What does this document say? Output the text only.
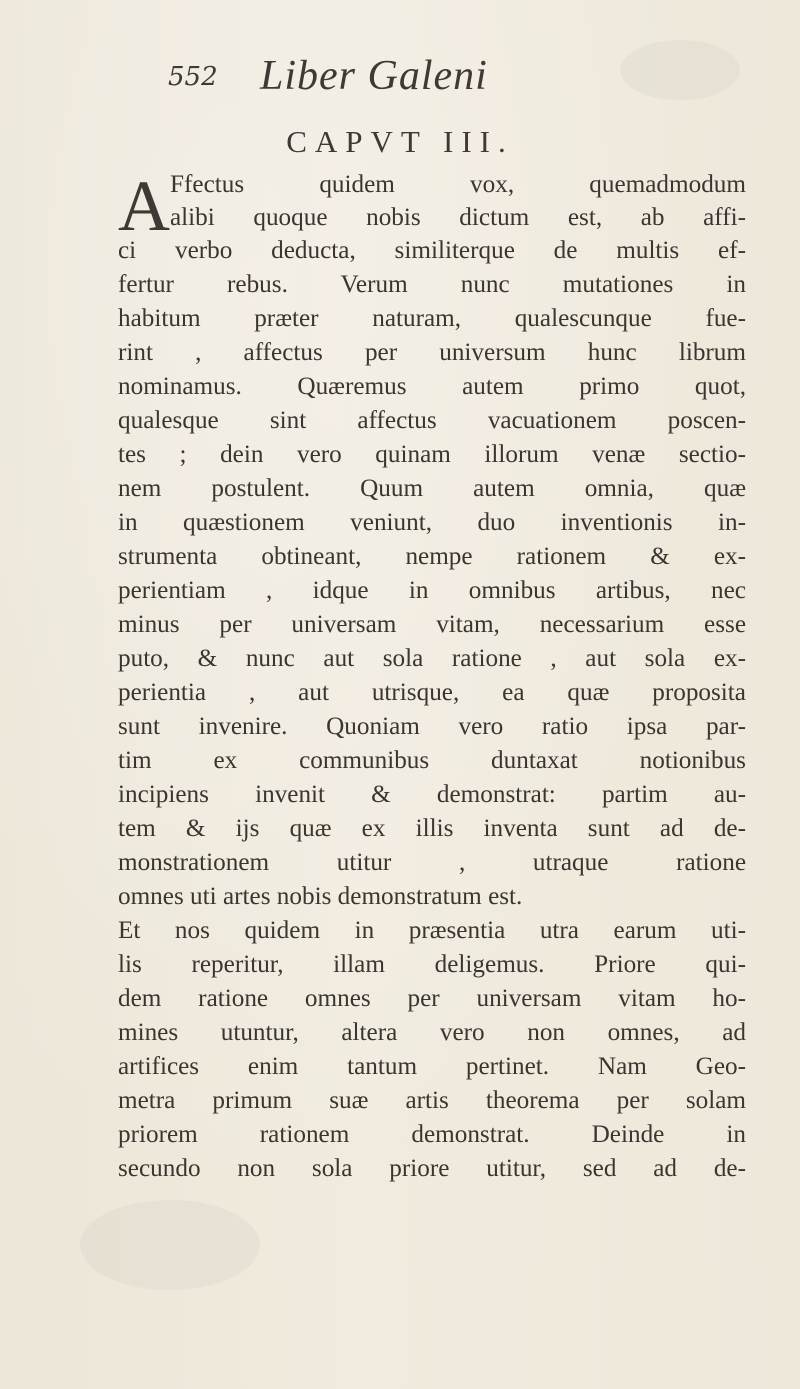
552 Liber Galeni
CAPVT III.
A Ffectus quidem vox, quemadmodum
alibi quoque nobis dictum est, ab affi-
ci verbo deducta, similiterque de multis ef-
fertur rebus. Verum nunc mutationes in
habitum præter naturam, qualescunque fue-
rint , affectus per universum hunc librum
nominamus. Quæremus autem primo quot,
qualesque sint affectus vacuationem poscen-
tes ; dein vero quinam illorum venæ sectio-
nem postulent. Quum autem omnia, quæ
in quæstionem veniunt, duo inventionis in-
strumenta obtineant, nempe rationem & ex-
perientiam , idque in omnibus artibus, nec
minus per universam vitam, necessarium esse
puto, & nunc aut sola ratione , aut sola ex-
perientia , aut utrisque, ea quæ proposita
sunt invenire. Quoniam vero ratio ipsa par-
tim ex communibus duntaxat notionibus
incipiens invenit & demonstrat: partim au-
tem & ijs quæ ex illis inventa sunt ad de-
monstrationem utitur , utraque ratione
omnes uti artes nobis demonstratum est.
Et nos quidem in præsentia utra earum uti-
lis reperitur, illam deligemus. Priore qui-
dem ratione omnes per universam vitam ho-
mines utuntur, altera vero non omnes, ad
artifices enim tantum pertinet. Nam Geo-
metra primum suæ artis theorema per solam
priorem rationem demonstrat. Deinde in
secundo non sola priore utitur, sed ad de-
